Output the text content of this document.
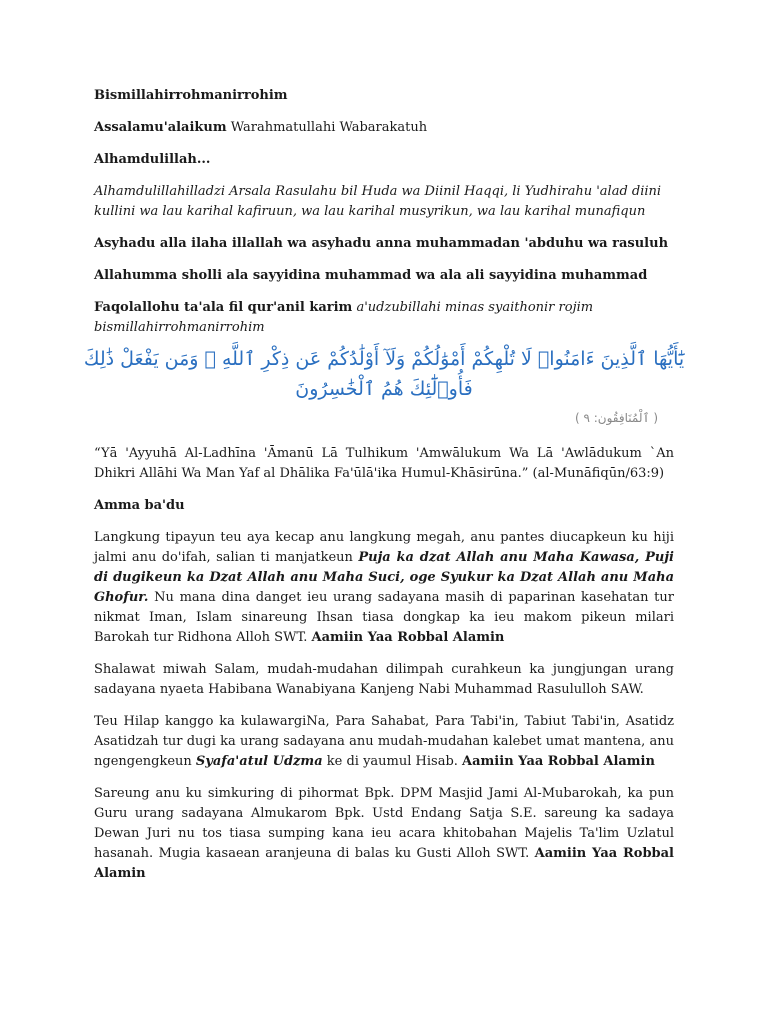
Bismillahirrohmanirrohim

Assalamu'alaikum Warahmatullahi Wabarakatuh

Alhamdulillah...

Alhamdulillahilladzi Arsala Rasulahu bil Huda wa Diinil Haqqi, li Yudhirahu 'alad diini kullini wa lau karihal kafiruun, wa lau karihal musyrikun, wa lau karihal munafiqun

Asyhadu alla ilaha illallah wa asyhadu anna muhammadan 'abduhu wa rasuluh

Allahumma sholli ala sayyidina muhammad wa ala ali sayyidina muhammad

Faqolallohu ta'ala fil qur'anil karim a'udzubillahi minas syaithonir rojim bismillahirrohmanirrohim

يَٰٓأَيُّهَا ٱلَّذِينَ ءَامَنُوا۟ لَا تُلْهِكُمْ أَمْوَٰلُكُمْ وَلَآ أَوْلَٰدُكُمْ عَن ذِكْرِ ٱللَّهِ ۚ وَمَن يَفْعَلْ ذَٰلِكَ فَأُو۟لَٰٓئِكَ هُمُ ٱلْخَٰسِرُونَ
( ٱلْمُنَافِقُون: ٩ )

“Yā 'Ayyuhā Al-Ladhīna 'Āmanū Lā Tulhikum 'Amwālukum Wa Lā 'Awlādukum `An Dhikri Allāhi Wa Man Yaf al Dhālika Fa'ūlā'ika Humul-Khāsirūna.” (al-Munāfiqūn/63:9)

Amma ba'du

Langkung tipayun teu aya kecap anu langkung megah, anu pantes diucapkeun ku hiji jalmi anu do'ifah, salian ti manjatkeun Puja ka dzat Allah anu Maha Kawasa, Puji di dugikeun ka Dzat Allah anu Maha Suci, oge Syukur ka Dzat Allah anu Maha Ghofur. Nu mana dina danget ieu urang sadayana masih di paparinan kasehatan tur nikmat Iman, Islam sinareung Ihsan tiasa dongkap ka ieu makom pikeun milari Barokah tur Ridhona Alloh SWT. Aamiin Yaa Robbal Alamin

Shalawat miwah Salam, mudah-mudahan dilimpah curahkeun ka jungjungan urang sadayana nyaeta Habibana Wanabiyana Kanjeng Nabi Muhammad Rasululloh SAW.

Teu Hilap kanggo ka kulawargiNa, Para Sahabat, Para Tabi'in, Tabiut Tabi'in, Asatidz Asatidzah tur dugi ka urang sadayana anu mudah-mudahan kalebet umat mantena, anu ngengengkeun Syafa'atul Udzma ke di yaumul Hisab. Aamiin Yaa Robbal Alamin

Sareung anu ku simkuring di pihormat Bpk. DPM Masjid Jami Al-Mubarokah, ka pun Guru urang sadayana Almukarom Bpk. Ustd Endang Satja S.E. sareung ka sadaya Dewan Juri nu tos tiasa sumping kana ieu acara khitobahan Majelis Ta'lim Uzlatul hasanah. Mugia kasaean aranjeuna di balas ku Gusti Alloh SWT. Aamiin Yaa Robbal Alamin
